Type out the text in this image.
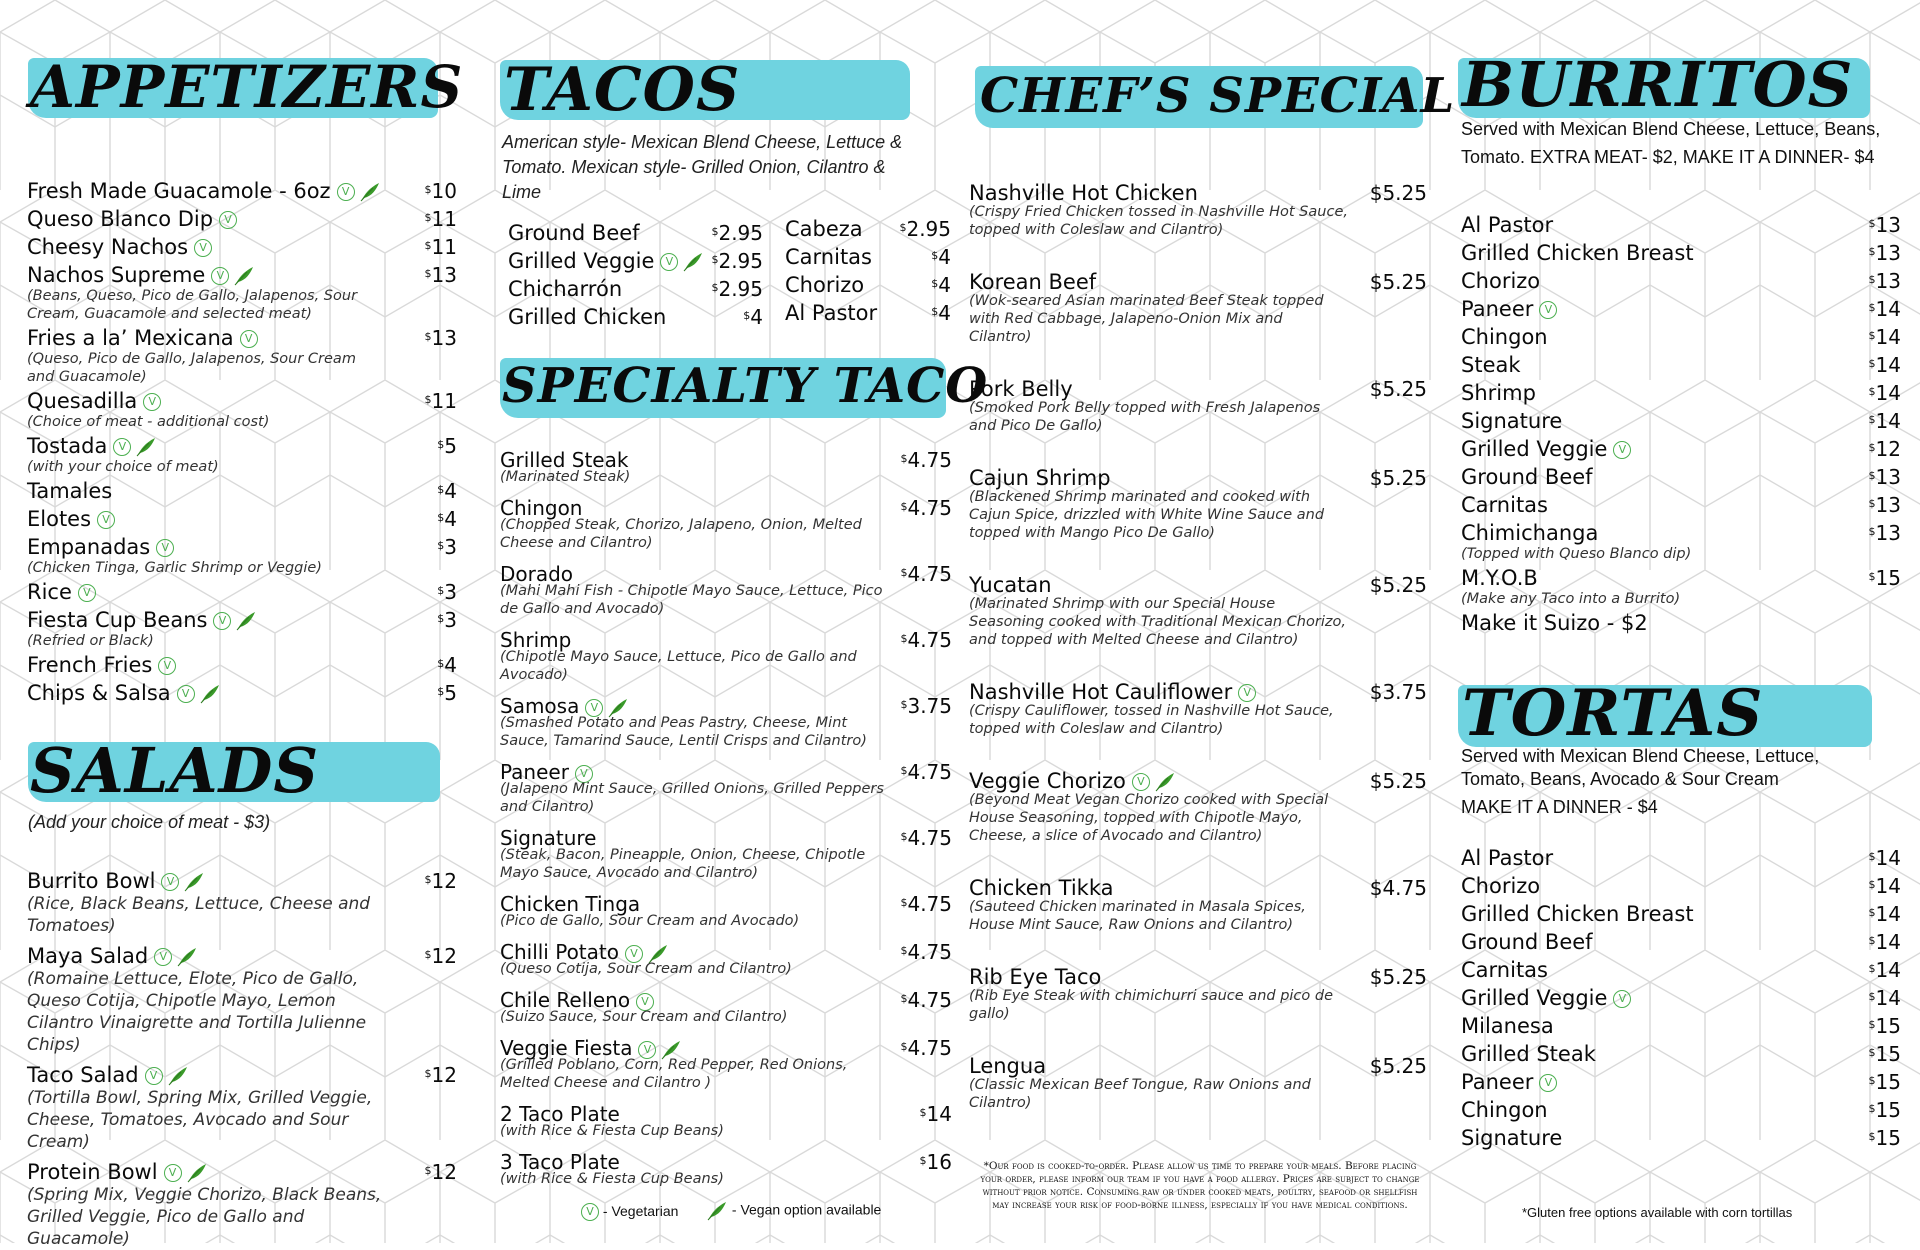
APPETIZERS
Fresh Made Guacamole - 6oz V	$10
Queso Blanco Dip V	$11
Cheesy Nachos V	$11
Nachos Supreme V	$13
(Beans, Queso, Pico de Gallo, Jalapenos, Sour Cream, Guacamole and selected meat)
Fries a la’ Mexicana V	$13
(Queso, Pico de Gallo, Jalapenos, Sour Cream and Guacamole)
Quesadilla V	$11
(Choice of meat - additional cost)
Tostada V	$5
(with your choice of meat)
Tamales	$4
Elotes V	$4
Empanadas V	$3
(Chicken Tinga, Garlic Shrimp or Veggie)
Rice V	$3
Fiesta Cup Beans V	$3
(Refried or Black)
French Fries V	$4
Chips & Salsa V	$5
SALADS
(Add your choice of meat - $3)
Burrito Bowl V	$12
(Rice, Black Beans, Lettuce, Cheese and Tomatoes)
Maya Salad V	$12
(Romaine Lettuce, Elote, Pico de Gallo, Queso Cotija, Chipotle Mayo, Lemon Cilantro Vinaigrette and Tortilla Julienne Chips)
Taco Salad V	$12
(Tortilla Bowl, Spring Mix, Grilled Veggie, Cheese, Tomatoes, Avocado and Sour Cream)
Protein Bowl V	$12
(Spring Mix, Veggie Chorizo, Black Beans, Grilled Veggie, Pico de Gallo and Guacamole)
TACOS
American style- Mexican Blend Cheese, Lettuce & Tomato. Mexican style- Grilled Onion, Cilantro & Lime
Ground Beef	$2.95
Grilled Veggie V	$2.95
Chicharrón	$2.95
Grilled Chicken	$4
Cabeza	$2.95
Carnitas	$4
Chorizo	$4
Al Pastor	$4
SPECIALTY TACO
Grilled Steak	$4.75
(Marinated Steak)
Chingon	$4.75
(Chopped Steak, Chorizo, Jalapeno, Onion, Melted Cheese and Cilantro)
Dorado	$4.75
(Mahi Mahi Fish - Chipotle Mayo Sauce, Lettuce, Pico de Gallo and Avocado)
Shrimp	$4.75
(Chipotle Mayo Sauce, Lettuce, Pico de Gallo and Avocado)
Samosa V	$3.75
(Smashed Potato and Peas Pastry, Cheese, Mint Sauce, Tamarind Sauce, Lentil Crisps and Cilantro)
Paneer V	$4.75
(Jalapeno Mint Sauce, Grilled Onions, Grilled Peppers and Cilantro)
Signature	$4.75
(Steak, Bacon, Pineapple, Onion, Cheese, Chipotle Mayo Sauce, Avocado and Cilantro)
Chicken Tinga	$4.75
(Pico de Gallo, Sour Cream and Avocado)
Chilli Potato V	$4.75
(Queso Cotija, Sour Cream and Cilantro)
Chile Relleno V	$4.75
(Suizo Sauce, Sour Cream and Cilantro)
Veggie Fiesta V	$4.75
(Grilled Poblano, Corn, Red Pepper, Red Onions, Melted Cheese and Cilantro )
2 Taco Plate	$14
(with Rice & Fiesta Cup Beans)
3 Taco Plate	$16
(with Rice & Fiesta Cup Beans)
CHEF’S SPECIAL
Nashville Hot Chicken	$5.25
(Crispy Fried Chicken tossed in Nashville Hot Sauce, topped with Coleslaw and Cilantro)
Korean Beef	$5.25
(Wok-seared Asian marinated Beef Steak topped with Red Cabbage, Jalapeno-Onion Mix and Cilantro)
Pork Belly	$5.25
(Smoked Pork Belly topped with Fresh Jalapenos and Pico De Gallo)
Cajun Shrimp	$5.25
(Blackened Shrimp marinated and cooked with Cajun Spice, drizzled with White Wine Sauce and topped with Mango Pico De Gallo)
Yucatan	$5.25
(Marinated Shrimp with our Special House Seasoning cooked with Traditional Mexican Chorizo, and topped with Melted Cheese and Cilantro)
Nashville Hot Cauliflower V	$3.75
(Crispy Cauliflower, tossed in Nashville Hot Sauce, topped with Coleslaw and Cilantro)
Veggie Chorizo V	$5.25
(Beyond Meat Vegan Chorizo cooked with Special House Seasoning, topped with Chipotle Mayo, Cheese, a slice of Avocado and Cilantro)
Chicken Tikka	$4.75
(Sauteed Chicken marinated in Masala Spices, House Mint Sauce, Raw Onions and Cilantro)
Rib Eye Taco	$5.25
(Rib Eye Steak with chimichurri sauce and pico de gallo)
Lengua	$5.25
(Classic Mexican Beef Tongue, Raw Onions and Cilantro)
*Our food is cooked-to-order. Please allow us time to prepare your meals. Before placing your order, please inform our team if you have a food allergy. Prices are subject to change without prior notice. Consuming raw or under cooked meats, poultry, seafood or shellfish may increase your risk of food-borne illness, especially if you have medical conditions.
BURRITOS
Served with Mexican Blend Cheese, Lettuce, Beans,
Tomato. EXTRA MEAT- $2, MAKE IT A DINNER- $4
Al Pastor	$13
Grilled Chicken Breast	$13
Chorizo	$13
Paneer V	$14
Chingon	$14
Steak	$14
Shrimp	$14
Signature	$14
Grilled Veggie V	$12
Ground Beef	$13
Carnitas	$13
Chimichanga	$13
(Topped with Queso Blanco dip)
M.Y.O.B	$15
(Make any Taco into a Burrito)
Make it Suizo - $2
TORTAS
Served with Mexican Blend Cheese, Lettuce,
Tomato, Beans, Avocado & Sour Cream
MAKE IT A DINNER - $4
Al Pastor	$14
Chorizo	$14
Grilled Chicken Breast	$14
Ground Beef	$14
Carnitas	$14
Grilled Veggie V	$14
Milanesa	$15
Grilled Steak	$15
Paneer V	$15
Chingon	$15
Signature	$15
V - Vegetarian	- Vegan option available	*Gluten free options available with corn tortillas
